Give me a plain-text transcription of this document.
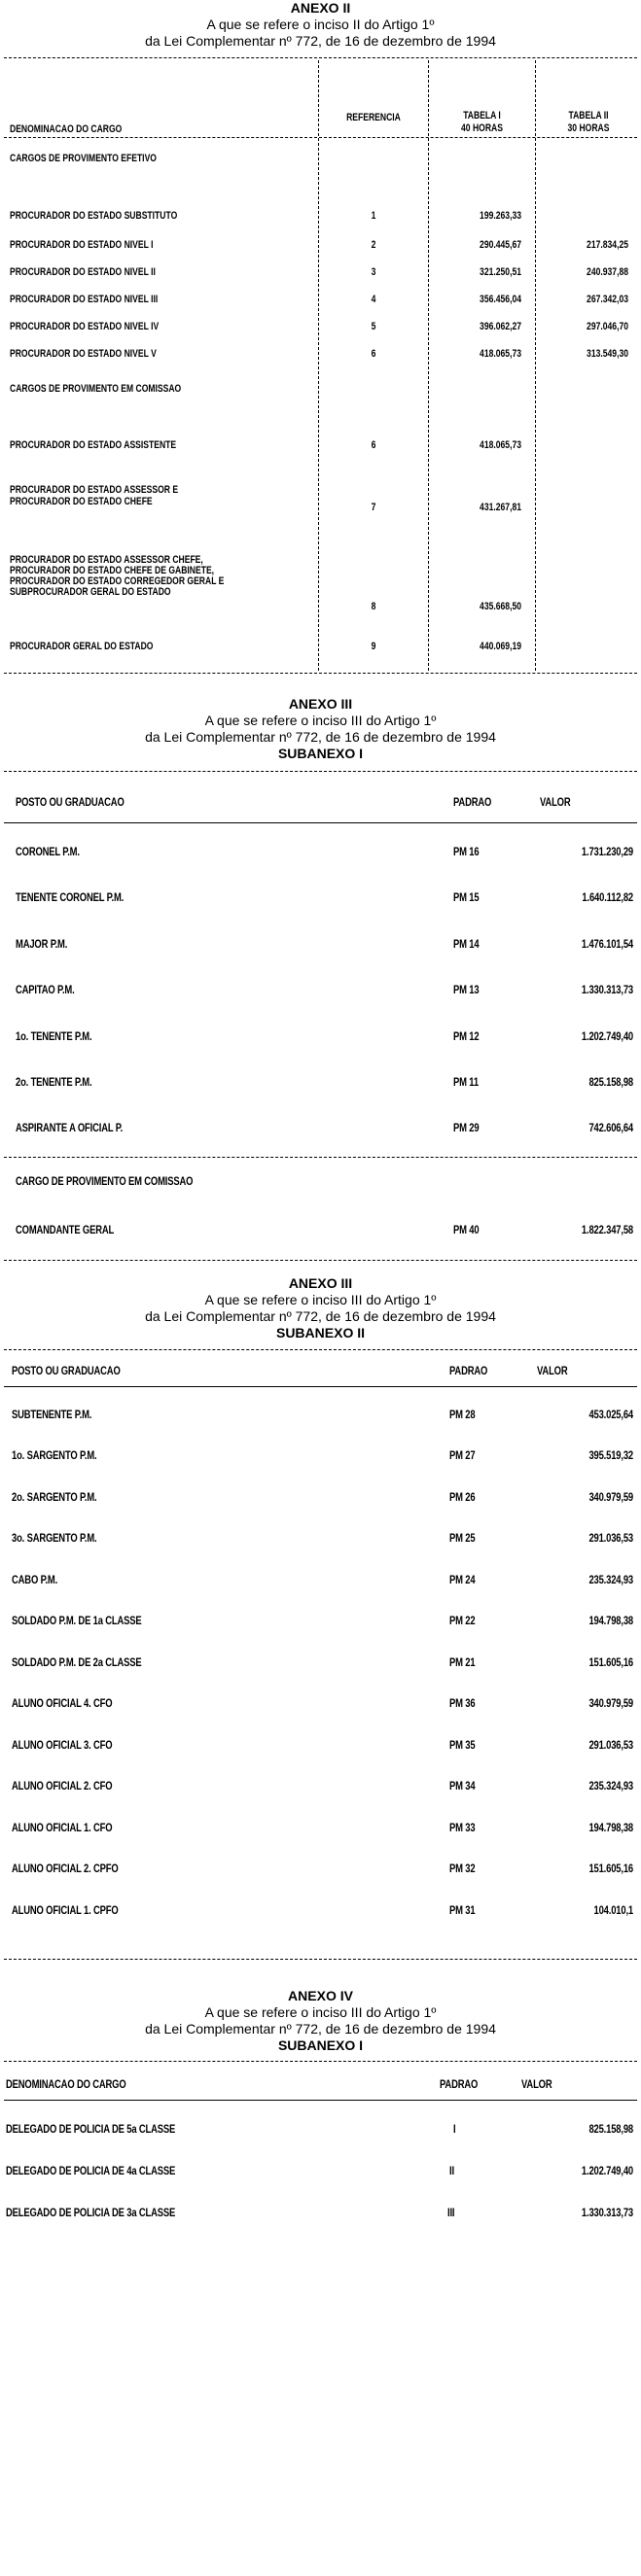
ANEXO II
A que se refere o inciso II do Artigo 1º
da Lei Complementar nº 772, de 16 de dezembro de 1994
DENOMINACAO DO CARGO
REFERENCIA	TABELA I
40 HORAS
TABELA II
30 HORAS
CARGOS DE PROVIMENTO EFETIVO
PROCURADOR DO ESTADO SUBSTITUTO	1	199.263,33
PROCURADOR DO ESTADO NIVEL I	2	290.445,67	217.834,25
PROCURADOR DO ESTADO NIVEL II	3	321.250,51	240.937,88
PROCURADOR DO ESTADO NIVEL III	4	356.456,04	267.342,03
PROCURADOR DO ESTADO NIVEL IV	5	396.062,27	297.046,70
PROCURADOR DO ESTADO NIVEL V	6	418.065,73	313.549,30
CARGOS DE PROVIMENTO EM COMISSAO
PROCURADOR DO ESTADO ASSISTENTE	6	418.065,73
PROCURADOR DO ESTADO ASSESSOR E
PROCURADOR DO ESTADO CHEFE	7	431.267,81
PROCURADOR DO ESTADO ASSESSOR CHEFE,
PROCURADOR DO ESTADO CHEFE DE GABINETE,
PROCURADOR DO ESTADO CORREGEDOR GERAL E
SUBPROCURADOR GERAL DO ESTADO
8	435.668,50
PROCURADOR GERAL DO ESTADO	9	440.069,19
ANEXO III
A que se refere o inciso III do Artigo 1º
da Lei Complementar nº 772, de 16 de dezembro de 1994
SUBANEXO I
POSTO OU GRADUACAO	PADRAO	VALOR
CORONEL P.M.	PM 16	1.731.230,29
TENENTE CORONEL P.M.	PM 15	1.640.112,82
MAJOR P.M.	PM 14	1.476.101,54
CAPITAO P.M.	PM 13	1.330.313,73
1o. TENENTE P.M.	PM 12	1.202.749,40
2o. TENENTE P.M.	PM 11	825.158,98
ASPIRANTE A OFICIAL P.	PM 29	742.606,64
CARGO DE PROVIMENTO EM COMISSAO
COMANDANTE GERAL	PM 40	1.822.347,58
ANEXO III
A que se refere o inciso III do Artigo 1º
da Lei Complementar nº 772, de 16 de dezembro de 1994
SUBANEXO II
POSTO OU GRADUACAO	PADRAO	VALOR
SUBTENENTE P.M.	PM 28	453.025,64
1o. SARGENTO P.M.	PM 27	395.519,32
2o. SARGENTO P.M.	PM 26	340.979,59
3o. SARGENTO P.M.	PM 25	291.036,53
CABO P.M.	PM 24	235.324,93
SOLDADO P.M. DE 1a CLASSE	PM 22	194.798,38
SOLDADO P.M. DE 2a CLASSE	PM 21	151.605,16
ALUNO OFICIAL 4. CFO	PM 36	340.979,59
ALUNO OFICIAL 3. CFO	PM 35	291.036,53
ALUNO OFICIAL 2. CFO	PM 34	235.324,93
ALUNO OFICIAL 1. CFO	PM 33	194.798,38
ALUNO OFICIAL 2. CPFO	PM 32	151.605,16
ALUNO OFICIAL 1. CPFO	PM 31	104.010,1
ANEXO IV
A que se refere o inciso III do Artigo 1º
da Lei Complementar nº 772, de 16 de dezembro de 1994
SUBANEXO I
DENOMINACAO DO CARGO	PADRAO	VALOR
DELEGADO DE POLICIA DE 5a CLASSE	I	825.158,98
DELEGADO DE POLICIA DE 4a CLASSE	II	1.202.749,40
DELEGADO DE POLICIA DE 3a CLASSE	III	1.330.313,73
